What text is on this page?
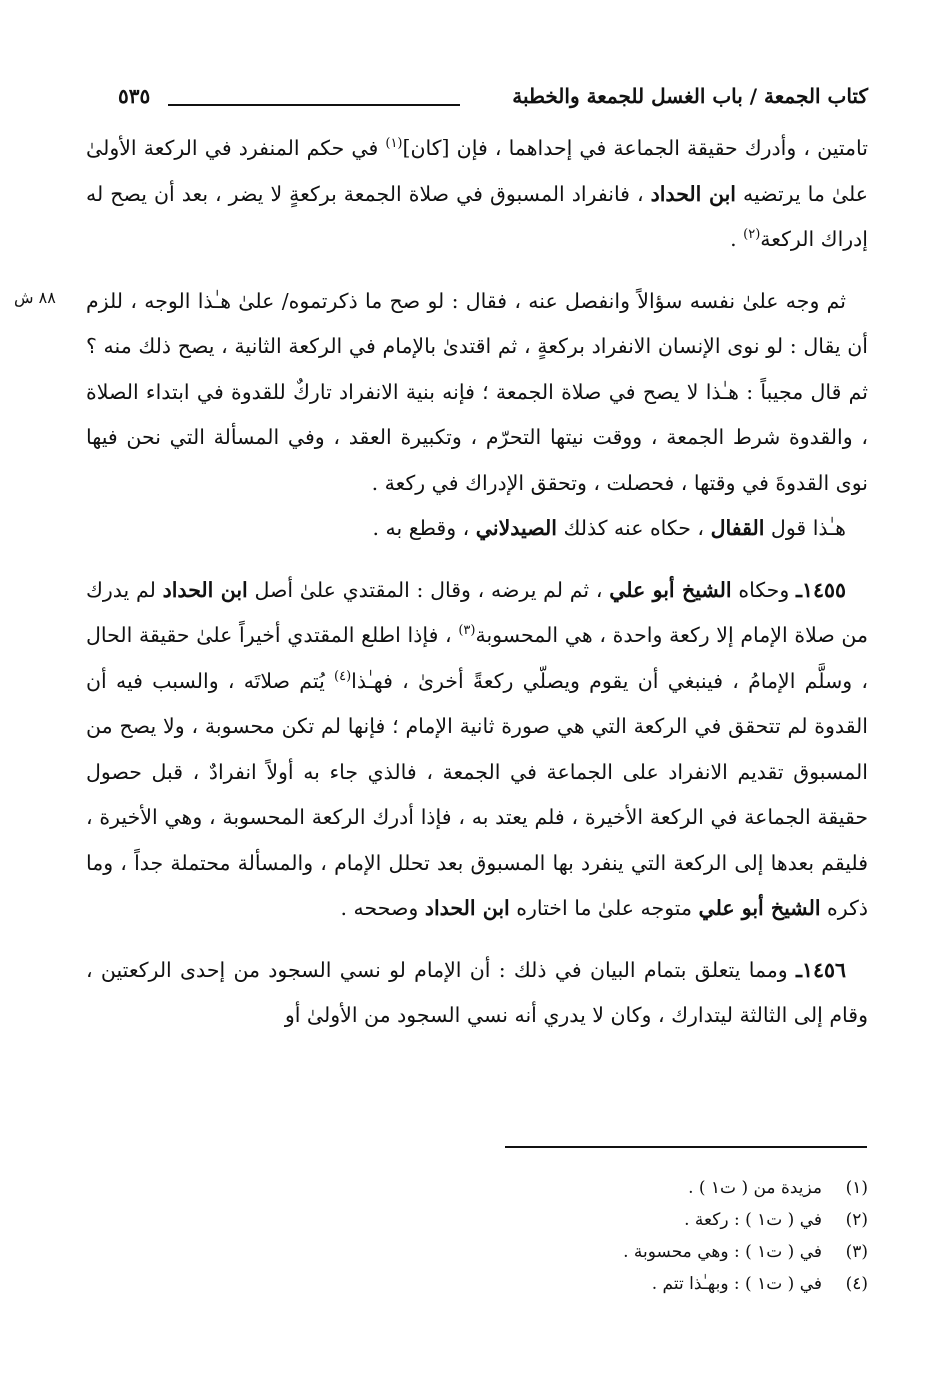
كتاب الجمعة / باب الغسل للجمعة والخطبة
٥٣٥
٨٨ ش

تامتين ، وأدرك حقيقة الجماعة في إحداهما ، فإن [كان]$^{(١)}$ في حكم المنفرد في الركعة الأولىٰ علىٰ ما يرتضيه ابن الحداد ، فانفراد المسبوق في صلاة الجمعة بركعةٍ لا يضر ، بعد أن يصح له إدراك الركعة$^{(٢)}$ .

ثم وجه علىٰ نفسه سؤالاً وانفصل عنه ، فقال : لو صح ما ذكرتموه/ علىٰ هـٰذا الوجه ، للزم أن يقال : لو نوى الإنسان الانفراد بركعةٍ ، ثم اقتدىٰ بالإمام في الركعة الثانية ، يصح ذلك منه ؟ ثم قال مجيباً : هـٰذا لا يصح في صلاة الجمعة ؛ فإنه بنية الانفراد تاركٌ للقدوة في ابتداء الصلاة ، والقدوة شرط الجمعة ، ووقت نيتها التحرّم ، وتكبيرة العقد ، وفي المسألة التي نحن فيها نوى القدوةَ في وقتها ، فحصلت ، وتحقق الإدراك في ركعة .

هـٰذا قول القفال ، حكاه عنه كذلك الصيدلاني ، وقطع به .

١٤٥٥ـ وحكاه الشيخ أبو علي ، ثم لم يرضه ، وقال : المقتدي علىٰ أصل ابن الحداد لم يدرك من صلاة الإمام إلا ركعة واحدة ، هي المحسوبة$^{(٣)}$ ، فإذا اطلع المقتدي أخيراً علىٰ حقيقة الحال ، وسلَّم الإمامُ ، فينبغي أن يقوم ويصلّي ركعةً أخرىٰ ، فهـٰذا$^{(٤)}$ يُتم صلاتَه ، والسبب فيه أن القدوة لم تتحقق في الركعة التي هي صورة ثانية الإمام ؛ فإنها لم تكن محسوبة ، ولا يصح من المسبوق تقديم الانفراد على الجماعة في الجمعة ، فالذي جاء به أولاً انفرادٌ ، قبل حصول حقيقة الجماعة في الركعة الأخيرة ، فلم يعتد به ، فإذا أدرك الركعة المحسوبة ، وهي الأخيرة ، فليقم بعدها إلى الركعة التي ينفرد بها المسبوق بعد تحلل الإمام ، والمسألة محتملة جداً ، وما ذكره الشيخ أبو علي متوجه علىٰ ما اختاره ابن الحداد وصححه .

١٤٥٦ـ ومما يتعلق بتمام البيان في ذلك : أن الإمام لو نسي السجود من إحدى الركعتين ، وقام إلى الثالثة ليتدارك ، وكان لا يدري أنه نسي السجود من الأولىٰ أو

(١)مزيدة من ( ت١ ) .
(٢)في ( ت١ ) : ركعة .
(٣)في ( ت١ ) : وهي محسوبة .
(٤)في ( ت١ ) : وبهـٰذا تتم .
